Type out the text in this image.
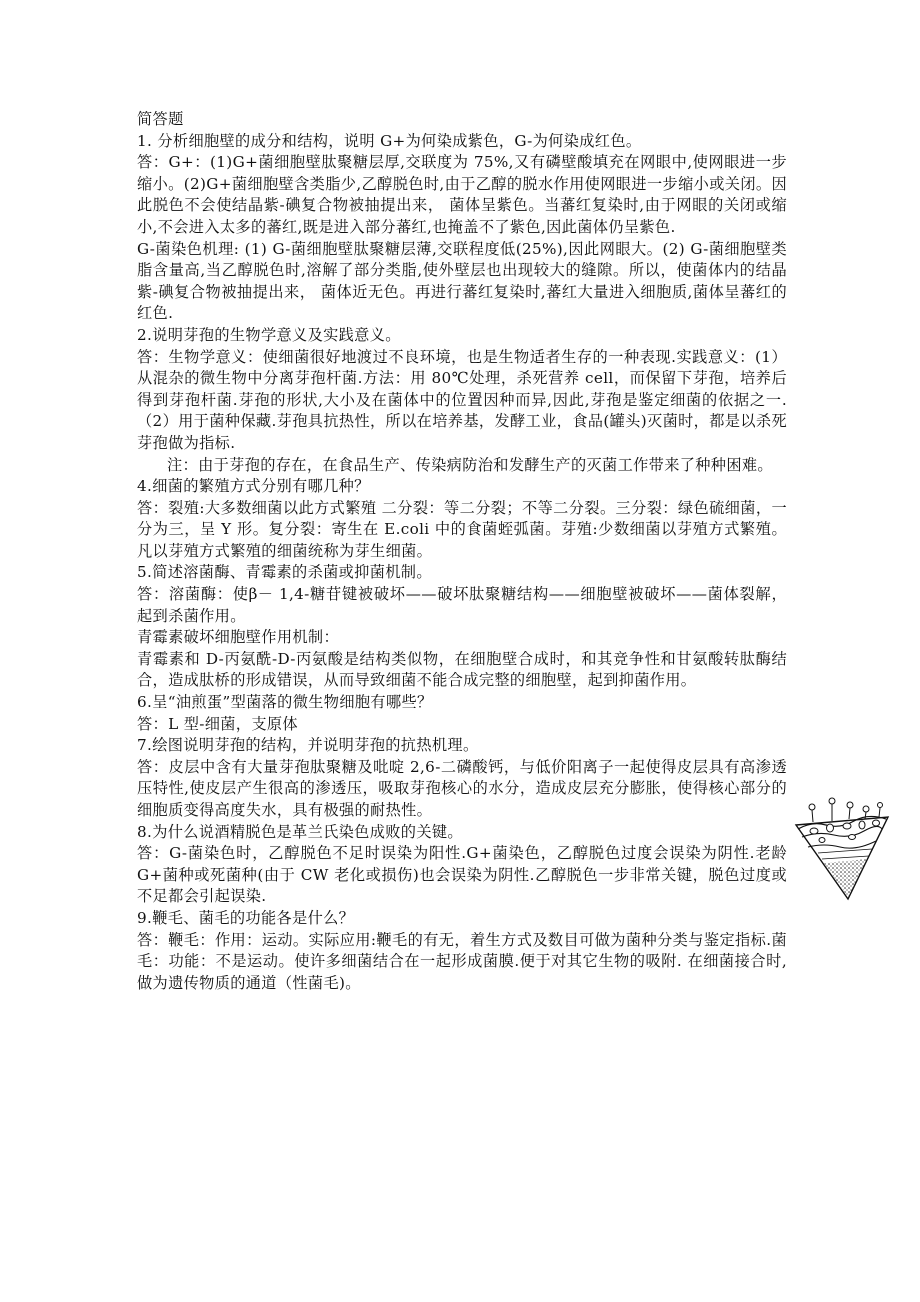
简答题

1. 分析细胞壁的成分和结构，说明 G+为何染成紫色，G-为何染成红色。

答：G+：(1)G+菌细胞壁肽聚糖层厚,交联度为 75%,又有磷壁酸填充在网眼中,使网眼进一步缩小。(2)G+菌细胞壁含类脂少,乙醇脱色时,由于乙醇的脱水作用使网眼进一步缩小或关闭。因此脱色不会使结晶紫-碘复合物被抽提出来， 菌体呈紫色。当蕃红复染时,由于网眼的关闭或缩小,不会进入太多的蕃红,既是进入部分蕃红,也掩盖不了紫色,因此菌体仍呈紫色.

G-菌染色机理: (1) G-菌细胞壁肽聚糖层薄,交联程度低(25%),因此网眼大。(2) G-菌细胞壁类脂含量高,当乙醇脱色时,溶解了部分类脂,使外壁层也出现较大的缝隙。所以，使菌体内的结晶紫-碘复合物被抽提出来， 菌体近无色。再进行蕃红复染时,蕃红大量进入细胞质,菌体呈蕃红的红色.

2.说明芽孢的生物学意义及实践意义。

答：生物学意义：使细菌很好地渡过不良环境，也是生物适者生存的一种表现.实践意义：(1）从混杂的微生物中分离芽孢杆菌.方法：用 80℃处理，杀死营养 cell，而保留下芽孢，培养后得到芽孢杆菌.芽孢的形状,大小及在菌体中的位置因种而异,因此,芽孢是鉴定细菌的依据之一.（2）用于菌种保藏.芽孢具抗热性，所以在培养基，发酵工业，食品(罐头)灭菌时，都是以杀死芽孢做为指标.

注：由于芽孢的存在，在食品生产、传染病防治和发酵生产的灭菌工作带来了种种困难。

4.细菌的繁殖方式分别有哪几种？

答：裂殖:大多数细菌以此方式繁殖 二分裂：等二分裂；不等二分裂。三分裂：绿色硫细菌，一分为三，呈 Y 形。复分裂：寄生在 E.coli 中的食菌蛭弧菌。芽殖:少数细菌以芽殖方式繁殖。凡以芽殖方式繁殖的细菌统称为芽生细菌。

5.简述溶菌酶、青霉素的杀菌或抑菌机制。

答：溶菌酶：使β－ 1,4-糖苷键被破坏——破坏肽聚糖结构——细胞壁被破坏——菌体裂解，起到杀菌作用。

青霉素破坏细胞壁作用机制：

青霉素和 D-丙氨酰-D-丙氨酸是结构类似物，在细胞壁合成时，和其竞争性和甘氨酸转肽酶结合，造成肽桥的形成错误，从而导致细菌不能合成完整的细胞壁，起到抑菌作用。

6.呈“油煎蛋”型菌落的微生物细胞有哪些？

答：L 型-细菌，支原体

7.绘图说明芽孢的结构，并说明芽孢的抗热机理。

答：皮层中含有大量芽孢肽聚糖及吡啶 2,6-二磷酸钙，与低价阳离子一起使得皮层具有高渗透压特性,使皮层产生很高的渗透压，吸取芽孢核心的水分，造成皮层充分膨胀，使得核心部分的细胞质变得高度失水，具有极强的耐热性。

8.为什么说酒精脱色是革兰氏染色成败的关键。

答：G-菌染色时，乙醇脱色不足时误染为阳性.G+菌染色，乙醇脱色过度会误染为阴性.老龄 G+菌种或死菌种(由于 CW 老化或损伤)也会误染为阴性.乙醇脱色一步非常关键，脱色过度或不足都会引起误染.

9.鞭毛、菌毛的功能各是什么？

答：鞭毛：作用：运动。实际应用:鞭毛的有无，着生方式及数目可做为菌种分类与鉴定指标.菌毛：功能：不是运动。使许多细菌结合在一起形成菌膜.便于对其它生物的吸附. 在细菌接合时,做为遗传物质的通道（性菌毛)。
